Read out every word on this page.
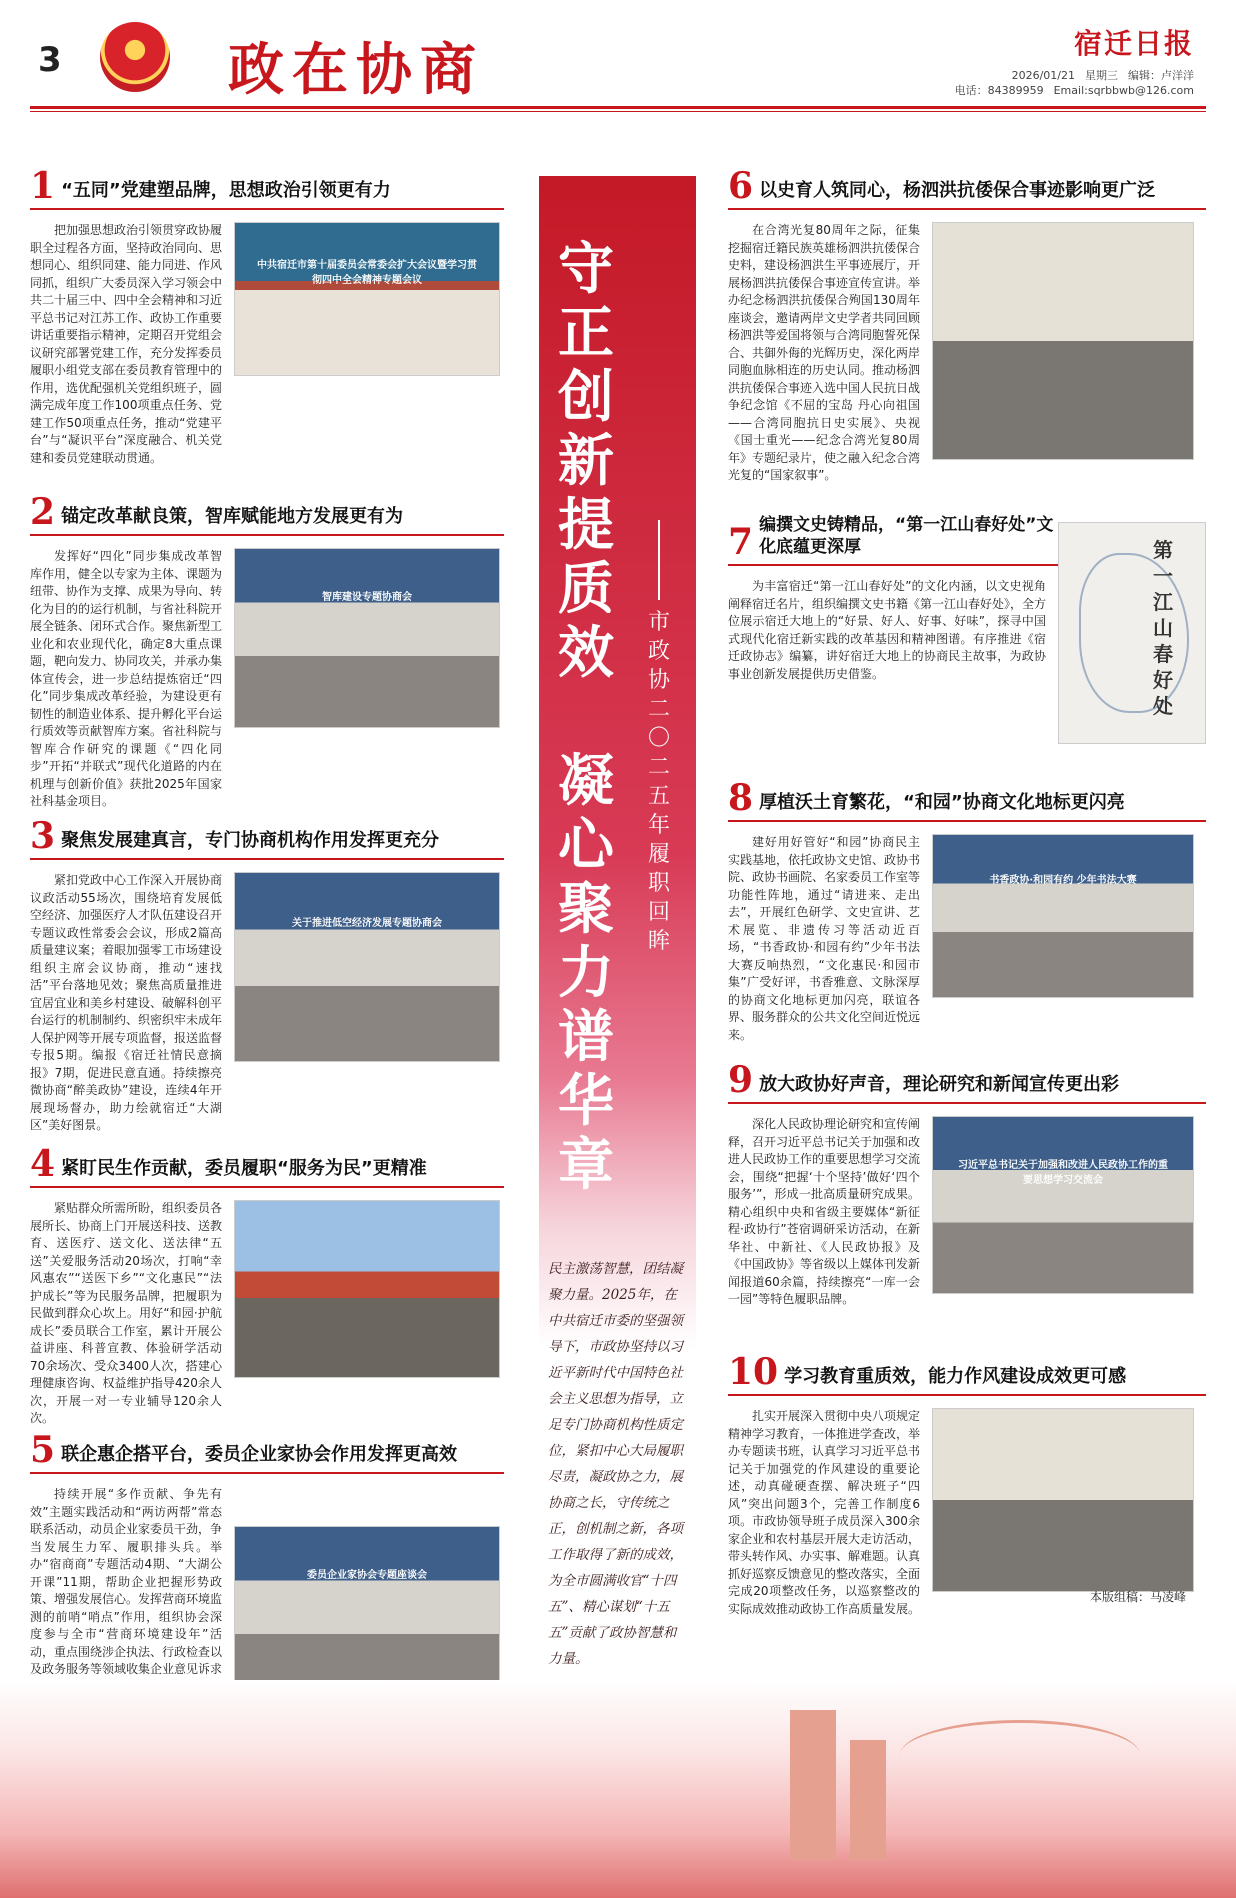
3	政在协商	宿迁日报
2026/01/21 星期三 编辑：卢洋洋
电话：84389959 Email:sqrbbwb@126.com
守
正
创
新
提
质
效
凝
心
聚
力
谱
华
章
市
政
协
二
〇
二
五
年
履
职
回
眸
民主激荡智慧，团结凝聚力量。2025年，在中共宿迁市委的坚强领导下，市政协坚持以习近平新时代中国特色社会主义思想为指导，立足专门协商机构性质定位，紧扣中心大局履职尽责，凝政协之力，展协商之长，守传统之正，创机制之新，各项工作取得了新的成效，为全市圆满收官“十四五”、精心谋划“十五五”贡献了政协智慧和力量。
1 “五同”党建塑品牌，思想政治引领更有力
把加强思想政治引领贯穿政协履职全过程各方面，坚持政治同向、思想同心、组织同建、能力同进、作风同抓，组织广大委员深入学习领会中共二十届三中、四中全会精神和习近平总书记对江苏工作、政协工作重要讲话重要指示精神，定期召开党组会议研究部署党建工作，充分发挥委员履职小组党支部在委员教育管理中的作用，选优配强机关党组织班子，圆满完成年度工作100项重点任务、党建工作50项重点任务，推动“党建平台”与“凝识平台”深度融合、机关党建和委员党建联动贯通。
中共宿迁市第十届委员会常委会扩大会议暨学习贯彻四中全会精神专题会议
2 锚定改革献良策，智库赋能地方发展更有为
发挥好“四化”同步集成改革智库作用，健全以专家为主体、课题为纽带、协作为支撑、成果为导向、转化为目的的运行机制，与省社科院开展全链条、闭环式合作。聚焦新型工业化和农业现代化，确定8大重点课题，靶向发力、协同攻关，并承办集体宣传会，进一步总结提炼宿迁“四化”同步集成改革经验，为建设更有韧性的制造业体系、提升孵化平台运行质效等贡献智库方案。省社科院与智库合作研究的课题《“四化同步”开拓“并联式”现代化道路的内在机理与创新价值》获批2025年国家社科基金项目。
智库建设专题协商会
3 聚焦发展建真言，专门协商机构作用发挥更充分
紧扣党政中心工作深入开展协商议政活动55场次，围绕培育发展低空经济、加强医疗人才队伍建设召开专题议政性常委会会议，形成2篇高质量建议案；着眼加强零工市场建设组织主席会议协商，推动“速找活”平台落地见效；聚焦高质量推进宜居宜业和美乡村建设、破解科创平台运行的机制制约、织密织牢未成年人保护网等开展专项监督，报送监督专报5期。编报《宿迁社情民意摘报》7期，促进民意直通。持续擦亮微协商“醉美政协”建设，连续4年开展现场督办，助力绘就宿迁“大湖区”美好图景。
关于推进低空经济发展专题协商会
4 紧盯民生作贡献，委员履职“服务为民”更精准
紧贴群众所需所盼，组织委员各展所长、协商上门开展送科技、送教育、送医疗、送文化、送法律“五送”关爱服务活动20场次，打响“幸风惠农”“送医下乡”“文化惠民”“法护成长”等为民服务品牌，把履职为民做到群众心坎上。用好“和园·护航成长”委员联合工作室，累计开展公益讲座、科普宣教、体验研学活动70余场次、受众3400人次，搭建心理健康咨询、权益维护指导420余人次，开展一对一专业辅导120余人次。
5 联企惠企搭平台，委员企业家协会作用发挥更高效
持续开展“多作贡献、争先有效”主题实践活动和“两访两帮”常态联系活动，动员企业家委员干劲，争当发展生力军、履职排头兵。举办“宿商商”专题活动4期、“大湖公开课”11期，帮助企业把握形势政策、增强发展信心。发挥营商环境监测的前哨“哨点”作用，组织协会深度参与全市“营商环境建设年”活动，重点围绕涉企执法、行政检查以及政务服务等领域收集企业意见诉求
委员企业家协会专题座谈会
6 以史育人筑同心，杨泗洪抗倭保合事迹影响更广泛
在合湾光复80周年之际，征集挖掘宿迁籍民族英雄杨泗洪抗倭保合史料，建设杨泗洪生平事迹展厅，开展杨泗洪抗倭保合事迹宣传宣讲。举办纪念杨泗洪抗倭保合殉国130周年座谈会，邀请两岸文史学者共同回顾杨泗洪等爱国将领与合湾同胞誓死保合、共御外侮的光辉历史，深化两岸同胞血脉相连的历史认同。推动杨泗洪抗倭保合事迹入选中国人民抗日战争纪念馆《不屈的宝岛 丹心向祖国——合湾同胞抗日史实展》、央视《国士重光——纪念合湾光复80周年》专题纪录片，使之融入纪念合湾光复的“国家叙事”。
7 编撰文史铸精品，“第一江山春好处”文化底蕴更深厚
为丰富宿迁“第一江山春好处”的文化内涵，以文史视角阐释宿迁名片，组织编撰文史书籍《第一江山春好处》，全方位展示宿迁大地上的“好景、好人、好事、好味”，探寻中国式现代化宿迁新实践的改革基因和精神图谱。有序推进《宿迁政协志》编纂，讲好宿迁大地上的协商民主故事，为政协事业创新发展提供历史借鉴。
第一江山春好处
8 厚植沃土育繁花，“和园”协商文化地标更闪亮
建好用好管好“和园”协商民主实践基地，依托政协文史馆、政协书院、政协书画院、名家委员工作室等功能性阵地，通过“请进来、走出去”，开展红色研学、文史宣讲、艺术展览、非遗传习等活动近百场，“书香政协·和园有约”少年书法大赛反响热烈，“文化惠民·和园市集”广受好评，书香雅意、文脉深厚的协商文化地标更加闪亮，联谊各界、服务群众的公共文化空间近悦远来。
书香政协·和园有约 少年书法大赛
9 放大政协好声音，理论研究和新闻宣传更出彩
深化人民政协理论研究和宣传阐释，召开习近平总书记关于加强和改进人民政协工作的重要思想学习交流会，围绕“把握‘十个坚持’做好‘四个服务’”，形成一批高质量研究成果。精心组织中央和省级主要媒体“新征程·政协行”苍宿调研采访活动，在新华社、中新社、《人民政协报》及《中国政协》等省级以上媒体刊发新闻报道60余篇，持续擦亮“一库一会一园”等特色履职品牌。
习近平总书记关于加强和改进人民政协工作的重要思想学习交流会
10 学习教育重质效，能力作风建设成效更可感
扎实开展深入贯彻中央八项规定精神学习教育，一体推进学查改，举办专题读书班，认真学习习近平总书记关于加强党的作风建设的重要论述，动真碰硬查摆、解决班子“四风”突出问题3个，完善工作制度6项。市政协领导班子成员深入300余家企业和农村基层开展大走访活动，带头转作风、办实事、解难题。认真抓好巡察反馈意见的整改落实，全面完成20项整改任务，以巡察整改的实际成效推动政协工作高质量发展。
本版组稿：马凌峰
